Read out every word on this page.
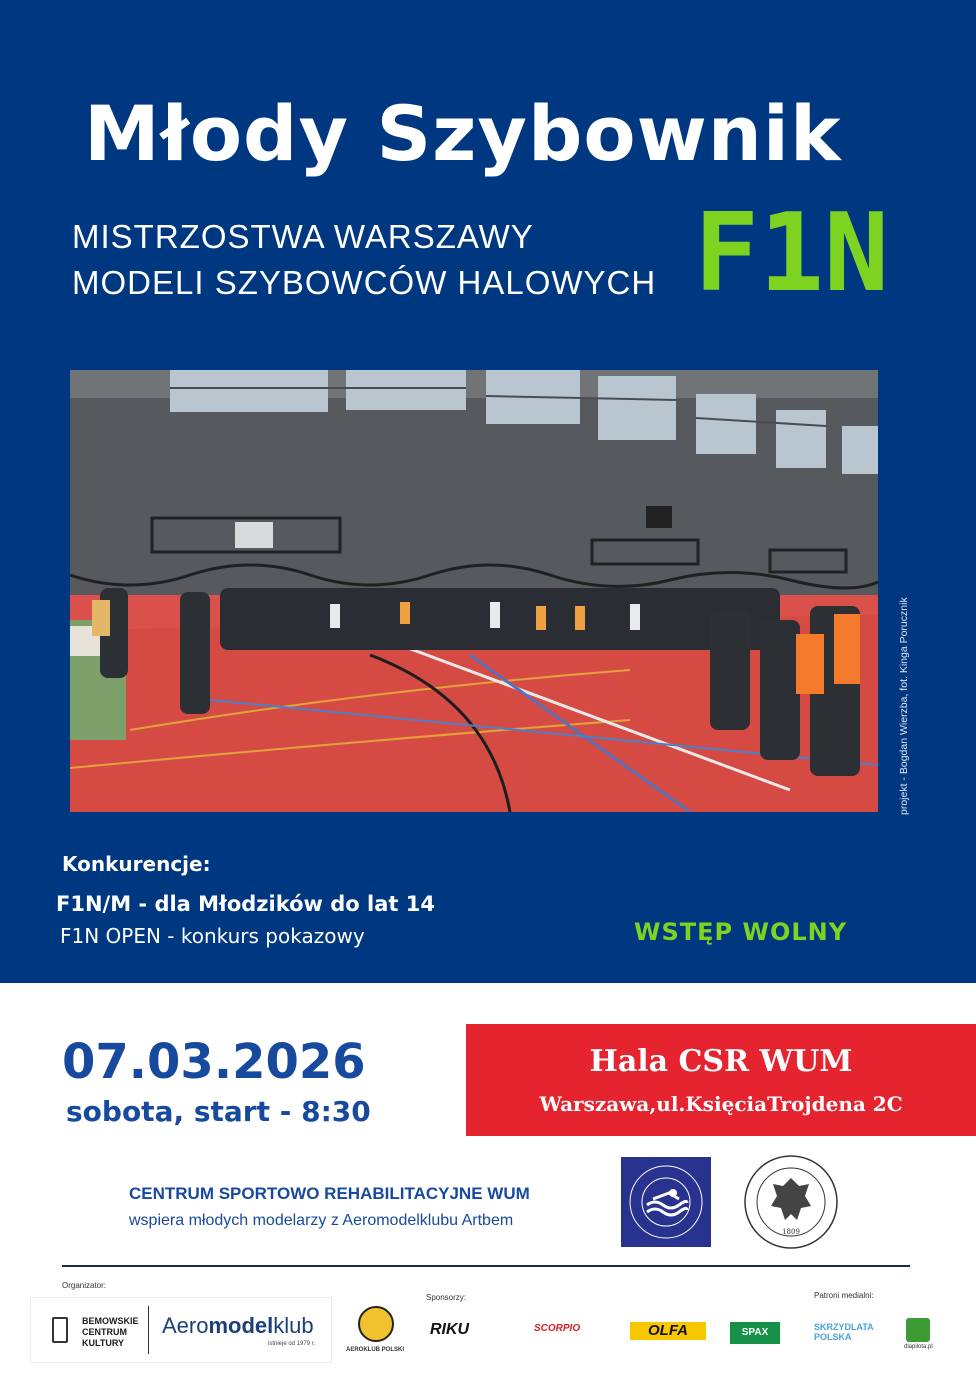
Młody Szybownik
MISTRZOSTWA WARSZAWY
MODELI SZYBOWCÓW HALOWYCH F1N
projekt - Bogdan Wierzba, fot. Kinga Porucznik
Konkurencje:
F1N/M - dla Młodzików do lat 14
F1N OPEN - konkurs pokazowy	WSTĘP WOLNY
07.03.2026
sobota, start - 8:30
Hala CSR WUM
Warszawa,ul.KsięciaTrojdena 2C
CENTRUM SPORTOWO REHABILITACYJNE WUM
wspiera młodych modelarzy z Aeromodelklubu Artbem
1809
Organizator:
Sponsorzy:	Patroni medialni:
BEMOWSKIE
CENTRUM
KULTURY
Aeromodelklub
istnieje od 1979 r.
AEROKLUB POLSKI
RIKU	SCORPIO	OLFA	SPAX	SKRZYDLATA POLSKA
dlapilota.pl
